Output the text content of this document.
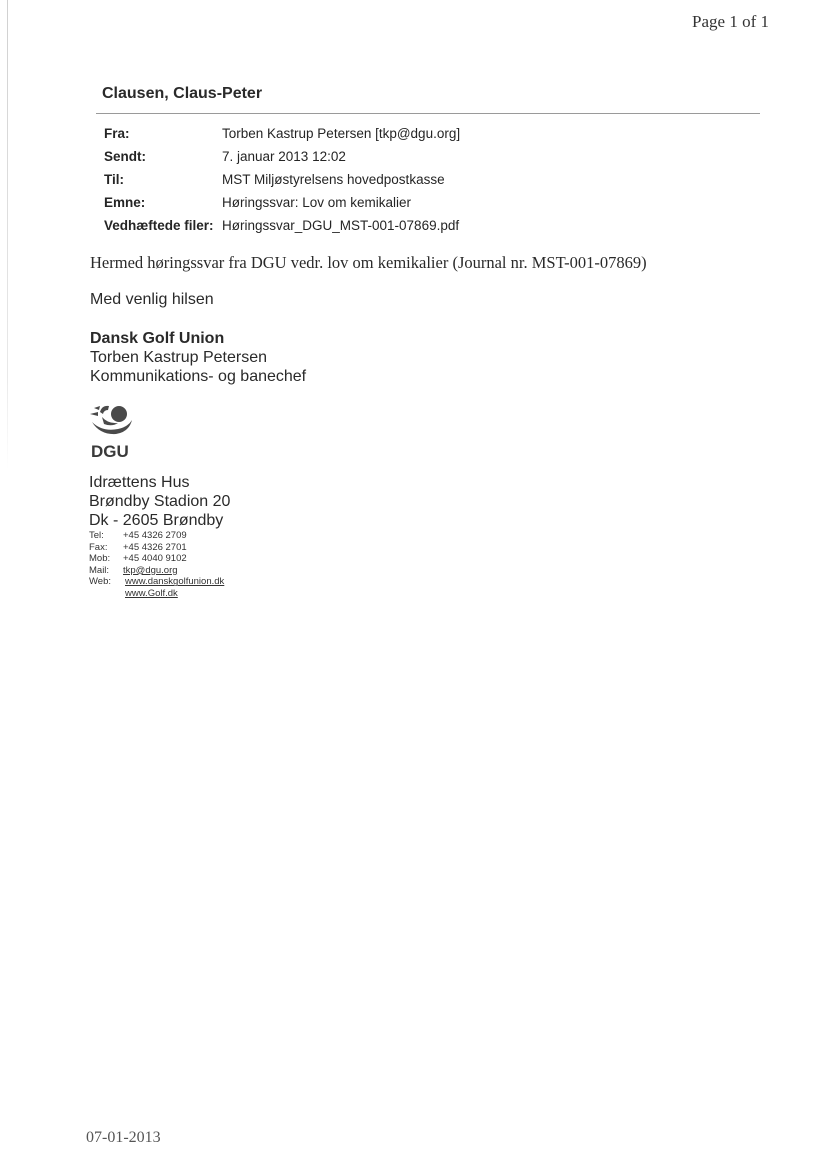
Page 1 of 1
Clausen, Claus-Peter
Fra:	Torben Kastrup Petersen [tkp@dgu.org]
Sendt:	7. januar 2013 12:02
Til:	MST Miljøstyrelsens hovedpostkasse
Emne:	Høringssvar: Lov om kemikalier
Vedhæftede filer:	Høringssvar_DGU_MST-001-07869.pdf
Hermed høringssvar fra DGU vedr. lov om kemikalier (Journal nr. MST-001-07869)
Med venlig hilsen
Dansk Golf Union
Torben Kastrup Petersen
Kommunikations- og banechef
DGU
Idrættens Hus
Brøndby Stadion 20
Dk - 2605 Brøndby
Tel:	+45 4326 2709
Fax:	+45 4326 2701
Mob:	+45 4040 9102
Mail:	tkp@dgu.org
Web:	www.danskgolfunion.dk
	www.Golf.dk
07-01-2013
